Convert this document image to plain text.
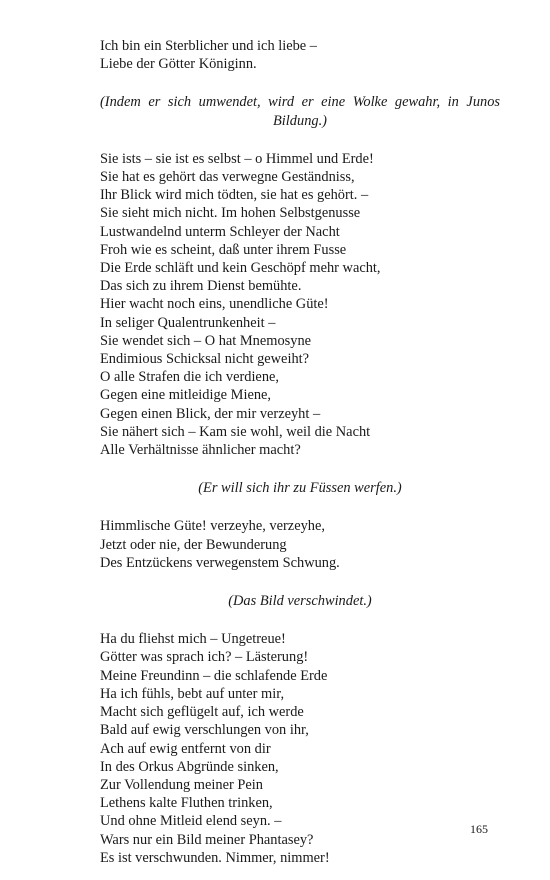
Ich bin ein Sterblicher und ich liebe –
Liebe der Götter Königinn.
(Indem er sich umwendet, wird er eine Wolke gewahr, in Junos Bildung.)
Sie ists – sie ist es selbst – o Himmel und Erde!
Sie hat es gehört das verwegne Geständniss,
Ihr Blick wird mich tödten, sie hat es gehört. –
Sie sieht mich nicht. Im hohen Selbstgenusse
Lustwandelnd unterm Schleyer der Nacht
Froh wie es scheint, daß unter ihrem Fusse
Die Erde schläft und kein Geschöpf mehr wacht,
Das sich zu ihrem Dienst bemühte.
Hier wacht noch eins, unendliche Güte!
In seliger Qualentrunkenheit –
Sie wendet sich – O hat Mnemosyne
Endimious Schicksal nicht geweiht?
O alle Strafen die ich verdiene,
Gegen eine mitleidige Miene,
Gegen einen Blick, der mir verzeyht –
Sie nähert sich – Kam sie wohl, weil die Nacht
Alle Verhältnisse ähnlicher macht?
(Er will sich ihr zu Füssen werfen.)
Himmlische Güte! verzeyhe, verzeyhe,
Jetzt oder nie, der Bewunderung
Des Entzückens verwegenstem Schwung.
(Das Bild verschwindet.)
Ha du fliehst mich – Ungetreue!
Götter was sprach ich? – Lästerung!
Meine Freundinn – die schlafende Erde
Ha ich fühls, bebt auf unter mir,
Macht sich geflügelt auf, ich werde
Bald auf ewig verschlungen von ihr,
Ach auf ewig entfernt von dir
In des Orkus Abgründe sinken,
Zur Vollendung meiner Pein
Lethens kalte Fluthen trinken,
Und ohne Mitleid elend seyn. –
Wars nur ein Bild meiner Phantasey?
Es ist verschwunden. Nimmer, nimmer!
165
